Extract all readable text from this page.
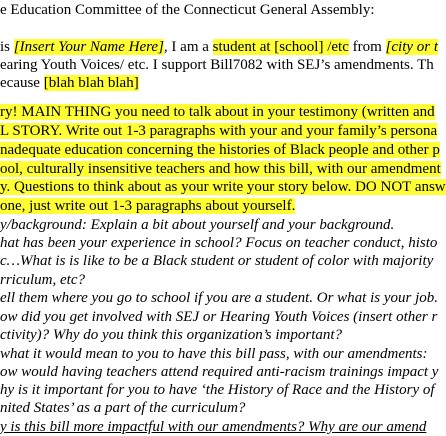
e Education Committee of the Connecticut General Assembly:
is [Insert Your Name Here], I am a student at [school] /etc from [city or t
earing Youth Voices/ etc. I support Bill7082 with SEJ’s amendments. Th
ecause [blah blah blah]
ry! MAIN THING you need to talk about in your testimony (written and
L STORY. Write out 1-3 paragraphs with your and your family’s persona
nadequate education concerning the histories of Black people and other p
ool, culturally insensitive teachers and how this bill, with our amendment
y. Questions to think about as your write your story below. DO NOT answ
one, just write out 1-3 paragraphs about yourself.
y/background: Explain a bit about yourself and your background.
hat has been your experience in school? Focus on teacher conduct, histo
c…What is is like to be a Black student or student of color with majority
rriculum, etc?
ell them where you go to school if you are a student. Or what is your job.
ow did you get involved with SEJ or Hearing Youth Voices (insert other r
ctivity)? Why do you think this organization’s important?
what it would mean to you to have this bill pass, with our amendments:
ow would having teachers attend required anti-racism trainings impact y
hy is it important for you to have ‘the History of Race and the History of
nited States’ as a part of the curriculum?
y is this bill more impactful with our amendments? Why are our amend
